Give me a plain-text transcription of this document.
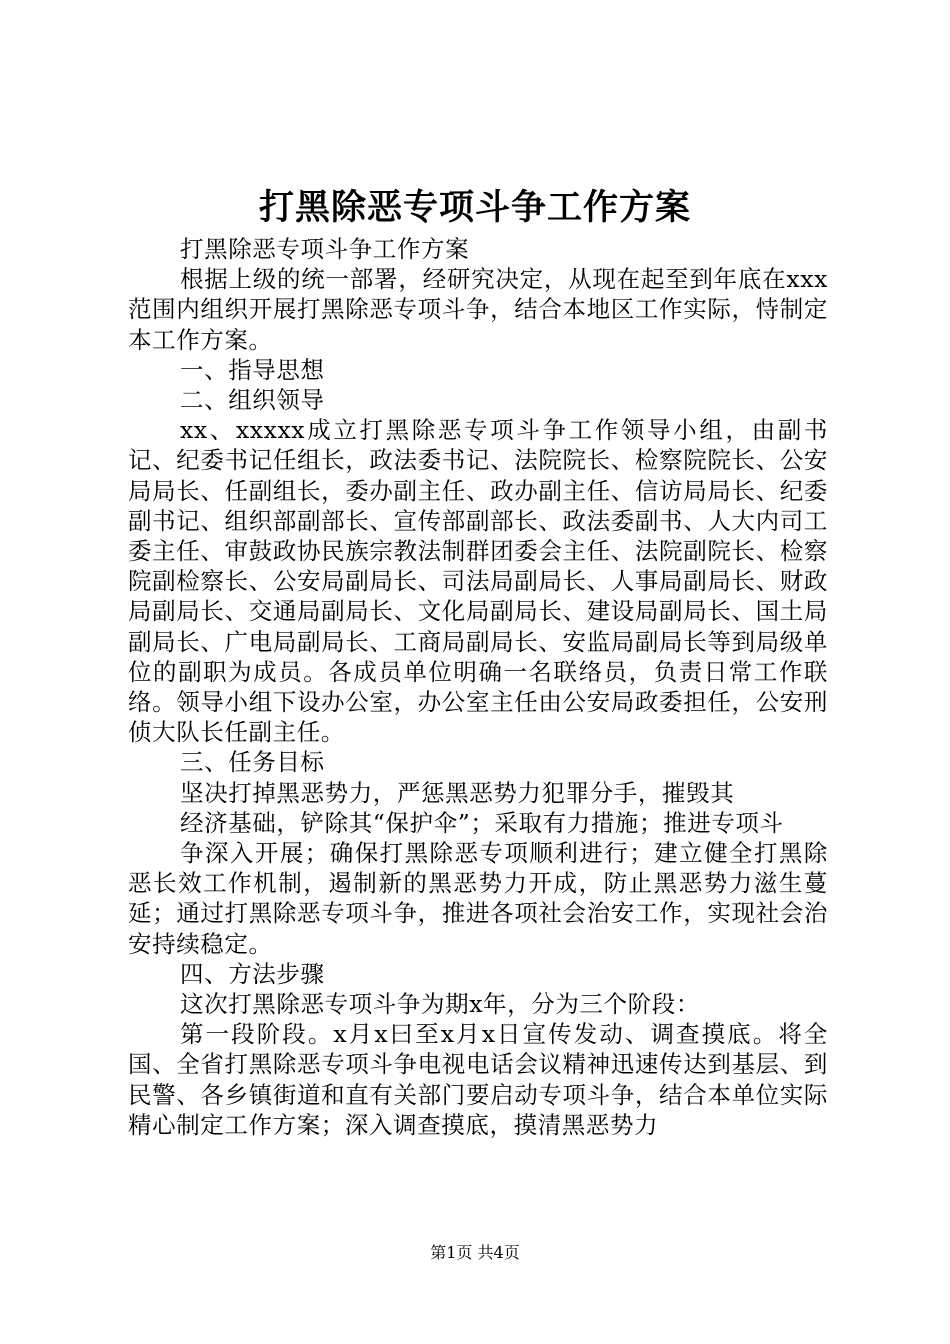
打黑除恶专项斗争工作方案

打黑除恶专项斗争工作方案

根据上级的统一部署，经研究决定，从现在起至到年底在xxx范围内组织开展打黑除恶专项斗争，结合本地区工作实际，恃制定本工作方案。

一、指导思想

二、组织领导

xx、xxxxx成立打黑除恶专项斗争工作领导小组，由副书记、纪委书记任组长，政法委书记、法院院长、检察院院长、公安局局长、任副组长，委办副主任、政办副主任、信访局局长、纪委副书记、组织部副部长、宣传部副部长、政法委副书、人大内司工委主任、审鼓政协民族宗教法制群团委会主任、法院副院长、检察院副检察长、公安局副局长、司法局副局长、人事局副局长、财政局副局长、交通局副局长、文化局副局长、建设局副局长、国土局副局长、广电局副局长、工商局副局长、安监局副局长等到局级单位的副职为成员。各成员单位明确一名联络员，负责日常工作联络。领导小组下设办公室，办公室主任由公安局政委担任，公安刑侦大队长任副主任。

三、任务目标

坚决打掉黑恶势力，严惩黑恶势力犯罪分手，摧毁其

经济基础，铲除其“保护伞”；采取有力措施；推进专项斗

争深入开展；确保打黑除恶专项顺利进行；建立健全打黑除恶长效工作机制，遏制新的黑恶势力开成，防止黑恶势力滋生蔓延；通过打黑除恶专项斗争，推进各项社会治安工作，实现社会治安持续稳定。

四、方法步骤

这次打黑除恶专项斗争为期x年，分为三个阶段：

第一段阶段。x月x曰至x月x日宣传发动、调查摸底。将全国、全省打黑除恶专项斗争电视电话会议精神迅速传达到基层、到民警、各乡镇街道和直有关部门要启动专项斗争，结合本单位实际精心制定工作方案；深入调查摸底，摸清黑恶势力

第1页 共4页
